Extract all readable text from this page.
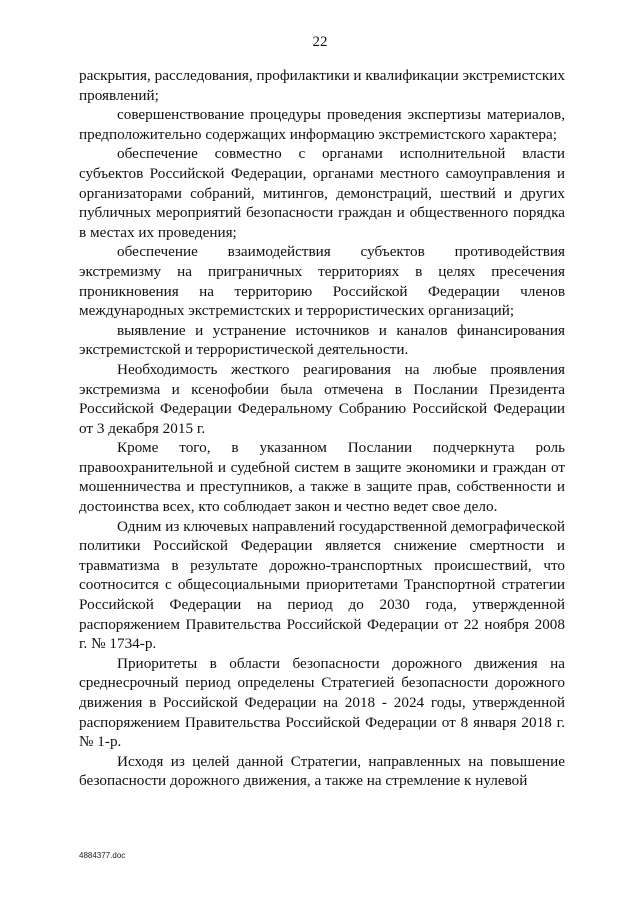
22

раскрытия, расследования, профилактики и квалификации экстремистских проявлений;

совершенствование процедуры проведения экспертизы материалов, предположительно содержащих информацию экстремистского характера;

обеспечение совместно с органами исполнительной власти субъектов Российской Федерации, органами местного самоуправления и организаторами собраний, митингов, демонстраций, шествий и других публичных мероприятий безопасности граждан и общественного порядка в местах их проведения;

обеспечение взаимодействия субъектов противодействия экстремизму на приграничных территориях в целях пресечения проникновения на территорию Российской Федерации членов международных экстремистских и террористических организаций;

выявление и устранение источников и каналов финансирования экстремистской и террористической деятельности.

Необходимость жесткого реагирования на любые проявления экстремизма и ксенофобии была отмечена в Послании Президента Российской Федерации Федеральному Собранию Российской Федерации от 3 декабря 2015 г.

Кроме того, в указанном Послании подчеркнута роль правоохранительной и судебной систем в защите экономики и граждан от мошенничества и преступников, а также в защите прав, собственности и достоинства всех, кто соблюдает закон и честно ведет свое дело.

Одним из ключевых направлений государственной демографической политики Российской Федерации является снижение смертности и травматизма в результате дорожно-транспортных происшествий, что соотносится с общесоциальными приоритетами Транспортной стратегии Российской Федерации на период до 2030 года, утвержденной распоряжением Правительства Российской Федерации от 22 ноября 2008 г. № 1734-р.

Приоритеты в области безопасности дорожного движения на среднесрочный период определены Стратегией безопасности дорожного движения в Российской Федерации на 2018 - 2024 годы, утвержденной распоряжением Правительства Российской Федерации от 8 января 2018 г. № 1-р.

Исходя из целей данной Стратегии, направленных на повышение безопасности дорожного движения, а также на стремление к нулевой

4884377.doc
